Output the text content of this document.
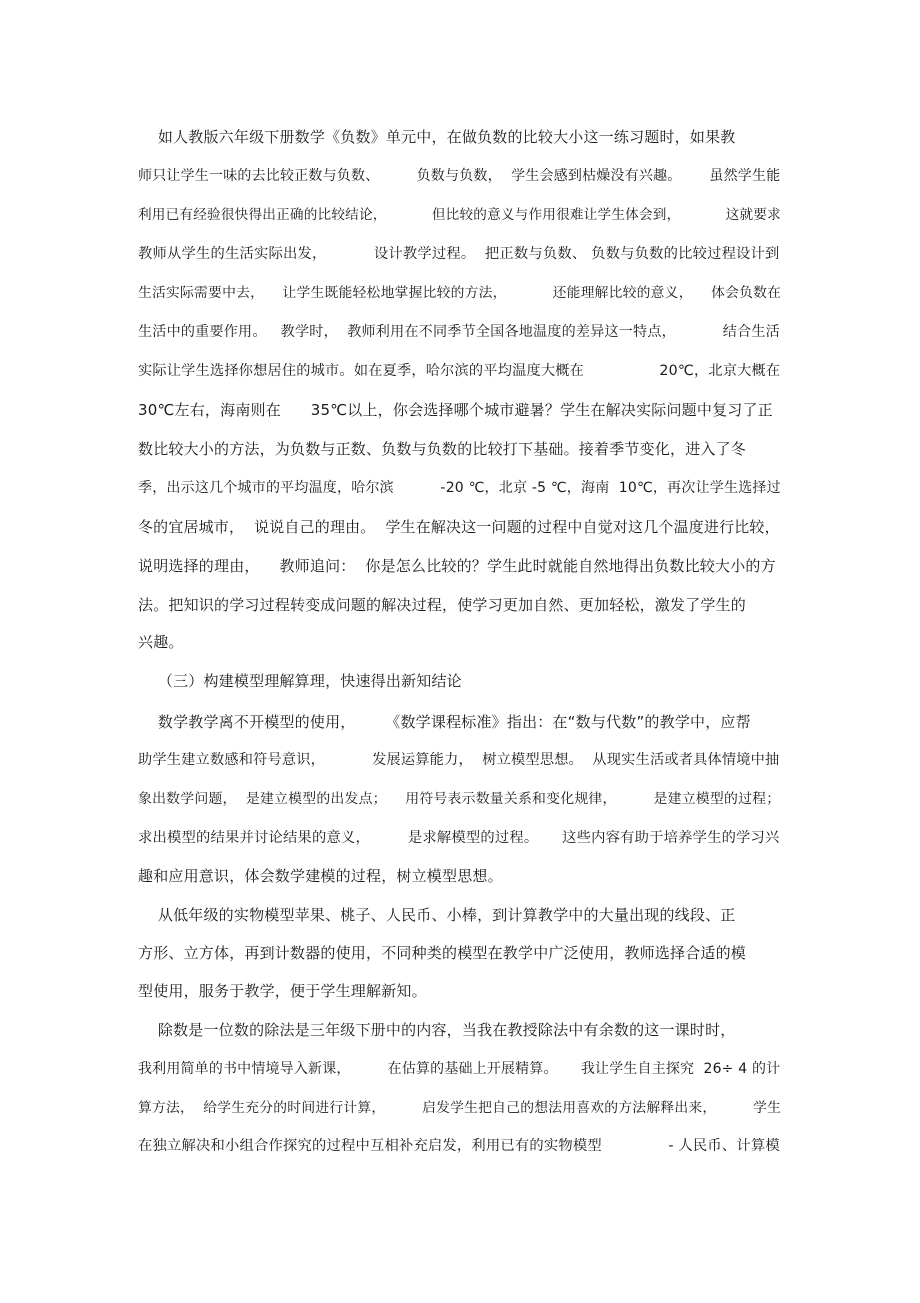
如人教版六年级下册数学《负数》单元中，在做负数的比较大小这一练习题时，如果教
师只让学生一味的去比较正数与负数、        负数与负数，  学生会感到枯燥没有兴趣。      虽然学生能
利用已有经验很快得出正确的比较结论，          但比较的意义与作用很难让学生体会到，          这就要求
教师从学生的生活实际出发，          设计教学过程。  把正数与负数、 负数与负数的比较过程设计到
生活实际需要中去，    让学生既能轻松地掌握比较的方法，          还能理解比较的意义，    体会负数在
生活中的重要作用。   教学时，  教师利用在不同季节全国各地温度的差异这一特点，          结合生活
实际让学生选择你想居住的城市。如在夏季，哈尔滨的平均温度大概在                20℃，北京大概在
30℃左右，海南则在      35℃以上，你会选择哪个城市避暑？学生在解决实际问题中复习了正
数比较大小的方法，为负数与正数、负数与负数的比较打下基础。接着季节变化，进入了冬
季，出示这几个城市的平均温度，哈尔滨          -20 ℃，北京 -5 ℃，海南  10℃，再次让学生选择过
冬的宜居城市，  说说自己的理由。  学生在解决这一问题的过程中自觉对这几个温度进行比较，
说明选择的理由，    教师追问：  你是怎么比较的？学生此时就能自然地得出负数比较大小的方
法。把知识的学习过程转变成问题的解决过程，使学习更加自然、更加轻松，激发了学生的
兴趣。
（三）构建模型理解算理，快速得出新知结论
数学教学离不开模型的使用，      《数学课程标准》指出：在“数与代数”的教学中，应帮
助学生建立数感和符号意识，          发展运算能力，  树立模型思想。  从现实生活或者具体情境中抽
象出数学问题，  是建立模型的出发点；    用符号表示数量关系和变化规律，        是建立模型的过程；
求出模型的结果并讨论结果的意义，        是求解模型的过程。     这些内容有助于培养学生的学习兴
趣和应用意识，体会数学建模的过程，树立模型思想。
从低年级的实物模型苹果、桃子、人民币、小棒，到计算教学中的大量出现的线段、正
方形、立方体，再到计数器的使用，不同种类的模型在教学中广泛使用，教师选择合适的模
型使用，服务于教学，便于学生理解新知。
除数是一位数的除法是三年级下册中的内容，当我在教授除法中有余数的这一课时时，
我利用简单的书中情境导入新课，        在估算的基础上开展精算。     我让学生自主探究  26÷ 4 的计
算方法，  给学生充分的时间进行计算，        启发学生把自己的想法用喜欢的方法解释出来，        学生
在独立解决和小组合作探究的过程中互相补充启发，利用已有的实物模型              - 人民币、计算模
